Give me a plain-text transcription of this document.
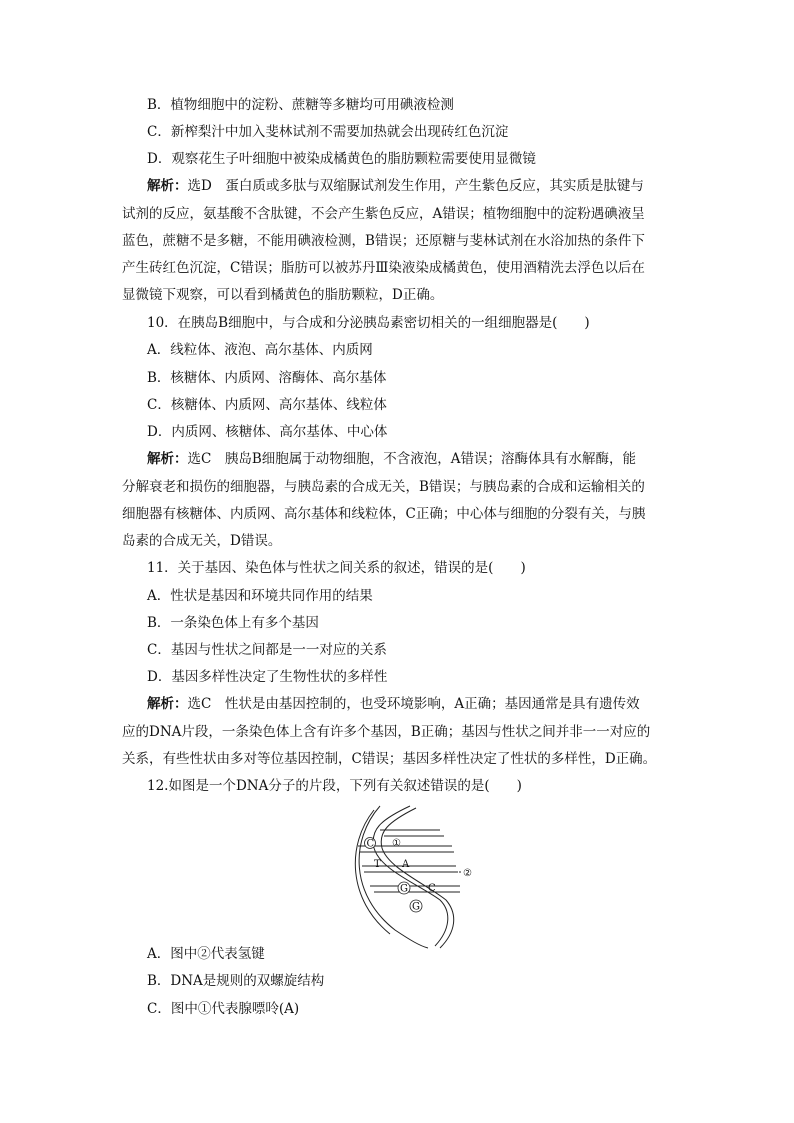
B．植物细胞中的淀粉、蔗糖等多糖均可用碘液检测
C．新榨梨汁中加入斐林试剂不需要加热就会出现砖红色沉淀
D．观察花生子叶细胞中被染成橘黄色的脂肪颗粒需要使用显微镜
解析：选D　蛋白质或多肽与双缩脲试剂发生作用，产生紫色反应，其实质是肽键与
试剂的反应，氨基酸不含肽键，不会产生紫色反应，A错误；植物细胞中的淀粉遇碘液呈
蓝色，蔗糖不是多糖，不能用碘液检测，B错误；还原糖与斐林试剂在水浴加热的条件下
产生砖红色沉淀，C错误；脂肪可以被苏丹Ⅲ染液染成橘黄色，使用酒精洗去浮色以后在
显微镜下观察，可以看到橘黄色的脂肪颗粒，D正确。
10．在胰岛B细胞中，与合成和分泌胰岛素密切相关的一组细胞器是(　　)
A．线粒体、液泡、高尔基体、内质网
B．核糖体、内质网、溶酶体、高尔基体
C．核糖体、内质网、高尔基体、线粒体
D．内质网、核糖体、高尔基体、中心体
解析：选C　胰岛B细胞属于动物细胞，不含液泡，A错误；溶酶体具有水解酶，能
分解衰老和损伤的细胞器，与胰岛素的合成无关，B错误；与胰岛素的合成和运输相关的
细胞器有核糖体、内质网、高尔基体和线粒体，C正确；中心体与细胞的分裂有关，与胰
岛素的合成无关，D错误。
11．关于基因、染色体与性状之间关系的叙述，错误的是(　　)
A．性状是基因和环境共同作用的结果
B．一条染色体上有多个基因
C．基因与性状之间都是一一对应的关系
D．基因多样性决定了生物性状的多样性
解析：选C　性状是由基因控制的，也受环境影响，A正确；基因通常是具有遗传效
应的DNA片段，一条染色体上含有许多个基因，B正确；基因与性状之间并非一一对应的
关系，有些性状由多对等位基因控制，C错误；基因多样性决定了性状的多样性，D正确。
12.如图是一个DNA分子的片段，下列有关叙述错误的是(　　)
C ①
T A
G C
②
G
A．图中②代表氢键
B．DNA是规则的双螺旋结构
C．图中①代表腺嘌呤(A)
